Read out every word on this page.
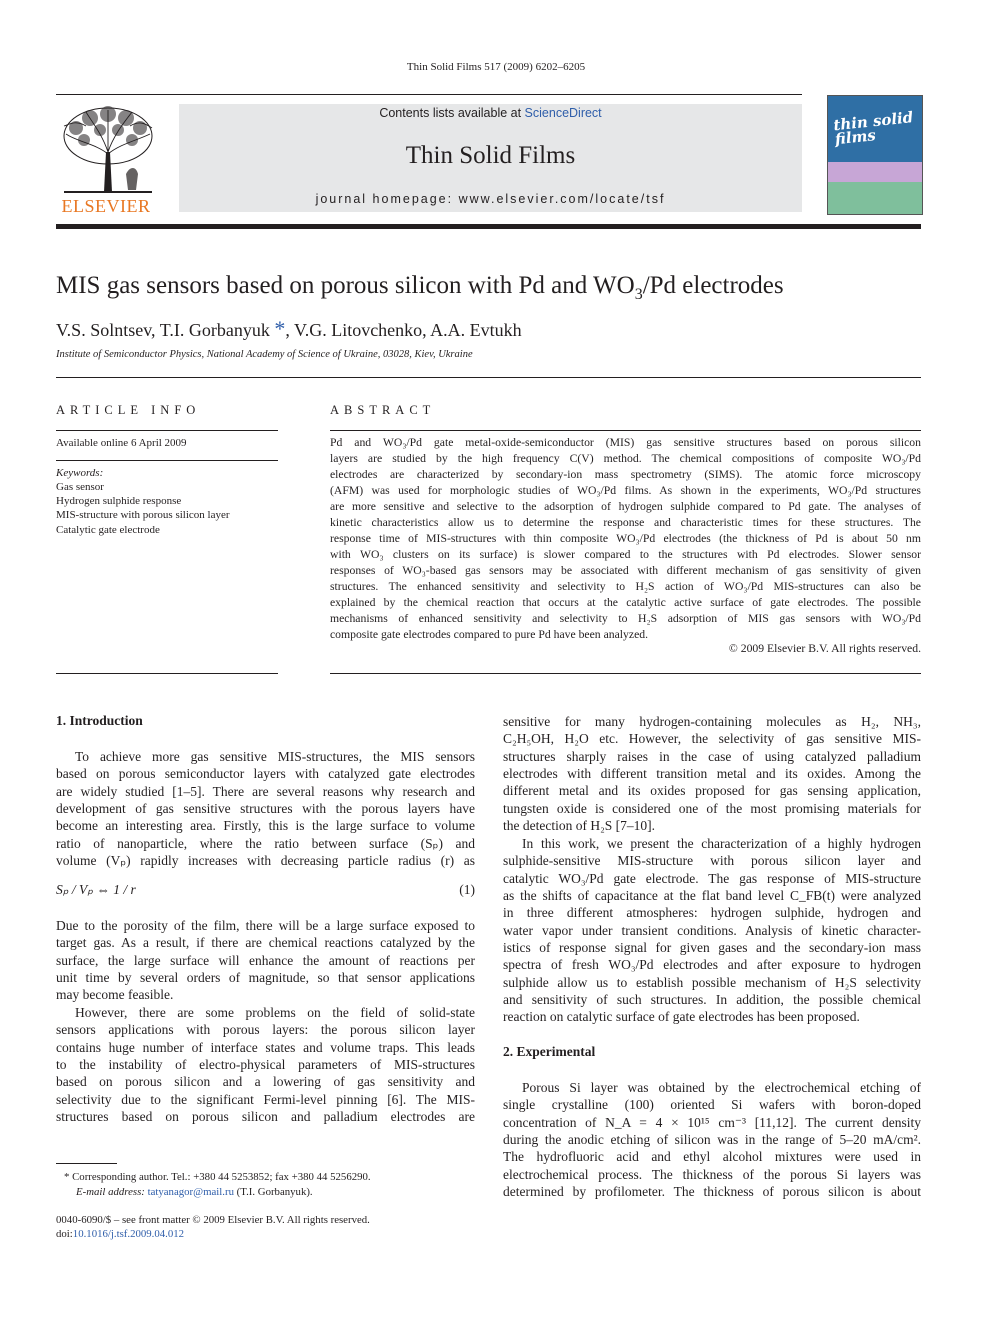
Thin Solid Films 517 (2009) 6202–6205
ELSEVIER
Contents lists available at ScienceDirect
Thin Solid Films
journal homepage: www.elsevier.com/locate/tsf
thin solid films
MIS gas sensors based on porous silicon with Pd and $WO_3/Pd$ electrodes
V.S. Solntsev, T.I. Gorbanyuk *, V.G. Litovchenko, A.A. Evtukh
Institute of Semiconductor Physics, National Academy of Science of Ukraine, 03028, Kiev, Ukraine
ARTICLE INFO	ABSTRACT
Available online 6 April 2009
Keywords:
Gas sensor
Hydrogen sulphide response
MIS-structure with porous silicon layer
Catalytic gate electrode
Pd and WO₃/Pd gate metal-oxide-semiconductor (MIS) gas sensitive structures based on porous silicon
layers are studied by the high frequency C(V) method. The chemical compositions of composite WO₃/Pd
electrodes are characterized by secondary-ion mass spectrometry (SIMS). The atomic force microscopy
(AFM) was used for morphologic studies of WO₃/Pd films. As shown in the experiments, WO₃/Pd structures
are more sensitive and selective to the adsorption of hydrogen sulphide compared to Pd gate. The analyses of
kinetic characteristics allow us to determine the response and characteristic times for these structures. The
response time of MIS-structures with thin composite WO₃/Pd electrodes (the thickness of Pd is about 50 nm
with WO₃ clusters on its surface) is slower compared to the structures with Pd electrodes. Slower sensor
responses of WO₃-based gas sensors may be associated with different mechanism of gas sensitivity of given
structures. The enhanced sensitivity and selectivity to H₂S action of WO₃/Pd MIS-structures can also be
explained by the chemical reaction that occurs at the catalytic active surface of gate electrodes. The possible
mechanisms of enhanced sensitivity and selectivity to H₂S adsorption of MIS gas sensors with WO₃/Pd
composite gate electrodes compared to pure Pd have been analyzed.
© 2009 Elsevier B.V. All rights reserved.
1. Introduction
To achieve more gas sensitive MIS-structures, the MIS sensors
based on porous semiconductor layers with catalyzed gate electrodes
are widely studied [1–5]. There are several reasons why research and
development of gas sensitive structures with the porous layers have
become an interesting area. Firstly, this is the large surface to volume
ratio of nanoparticle, where the ratio between surface (Sₚ) and
volume (Vₚ) rapidly increases with decreasing particle radius (r) as
Sₚ / Vₚ ⇔ 1 / r	(1)
Due to the porosity of the film, there will be a large surface exposed to
target gas. As a result, if there are chemical reactions catalyzed by the
surface, the large surface will enhance the amount of reactions per
unit time by several orders of magnitude, so that sensor applications
may become feasible.
However, there are some problems on the field of solid-state
sensors applications with porous layers: the porous silicon layer
contains huge number of interface states and volume traps. This leads
to the instability of electro-physical parameters of MIS-structures
based on porous silicon and a lowering of gas sensitivity and
selectivity due to the significant Fermi-level pinning [6]. The MIS-
structures based on porous silicon and palladium electrodes are
* Corresponding author. Tel.: +380 44 5253852; fax +380 44 5256290.
E-mail address: tatyanagor@mail.ru (T.I. Gorbanyuk).
0040-6090/$ – see front matter © 2009 Elsevier B.V. All rights reserved.
doi:10.1016/j.tsf.2009.04.012
sensitive for many hydrogen-containing molecules as H₂, NH₃,
C₂H₅OH, H₂O etc. However, the selectivity of gas sensitive MIS-
structures sharply raises in the case of using catalyzed palladium
electrodes with different transition metal and its oxides. Among the
different metal and its oxides proposed for gas sensing application,
tungsten oxide is considered one of the most promising materials for
the detection of H₂S [7–10].
In this work, we present the characterization of a highly hydrogen
sulphide-sensitive MIS-structure with porous silicon layer and
catalytic WO₃/Pd gate electrode. The gas response of MIS-structure
as the shifts of capacitance at the flat band level C_FB(t) were analyzed
in three different atmospheres: hydrogen sulphide, hydrogen and
water vapor under transient conditions. Analysis of kinetic character-
istics of response signal for given gases and the secondary-ion mass
spectra of fresh WO₃/Pd electrodes and after exposure to hydrogen
sulphide allow us to establish possible mechanism of H₂S selectivity
and sensitivity of such structures. In addition, the possible chemical
reaction on catalytic surface of gate electrodes has been proposed.
2. Experimental
Porous Si layer was obtained by the electrochemical etching of
single crystalline (100) oriented Si wafers with boron-doped
concentration of N_A = 4 × 10¹⁵ cm⁻³ [11,12]. The current density
during the anodic etching of silicon was in the range of 5–20 mA/cm².
The hydrofluoric acid and ethyl alcohol mixtures were used in
electrochemical process. The thickness of the porous Si layers was
determined by profilometer. The thickness of porous silicon is about
